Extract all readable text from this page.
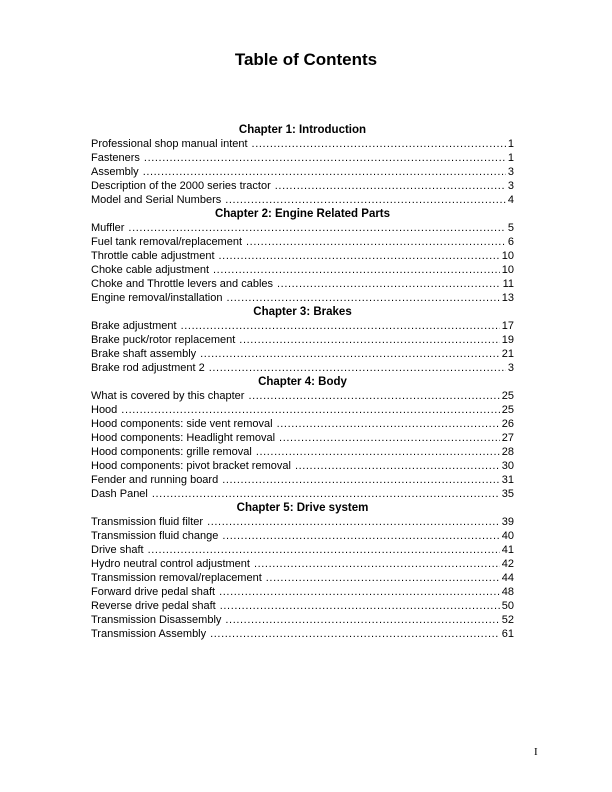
Table of Contents
Chapter 1: Introduction
Professional shop manual intent .....	1
Fasteners .....	1
Assembly .....	3
Description of the 2000 series tractor .....	3
Model and Serial Numbers .....	4
Chapter 2: Engine Related Parts
Muffler .....	5
Fuel tank removal/replacement .....	6
Throttle cable adjustment .....	10
Choke cable adjustment .....	10
Choke and Throttle levers and cables .....	11
Engine removal/installation .....	13
Chapter 3: Brakes
Brake adjustment .....	17
Brake puck/rotor replacement .....	19
Brake shaft assembly .....	21
Brake rod adjustment 2 .....	3
Chapter 4: Body
What is covered by this chapter .....	25
Hood .....	25
Hood components: side vent removal .....	26
Hood components: Headlight removal .....	27
Hood components: grille removal .....	28
Hood components: pivot bracket removal .....	30
Fender and running board .....	31
Dash Panel .....	35
Chapter 5: Drive system
Transmission fluid filter .....	39
Transmission fluid change .....	40
Drive shaft .....	41
Hydro neutral control adjustment .....	42
Transmission removal/replacement .....	44
Forward drive pedal shaft .....	48
Reverse drive pedal shaft .....	50
Transmission Disassembly .....	52
Transmission Assembly .....	61
I
